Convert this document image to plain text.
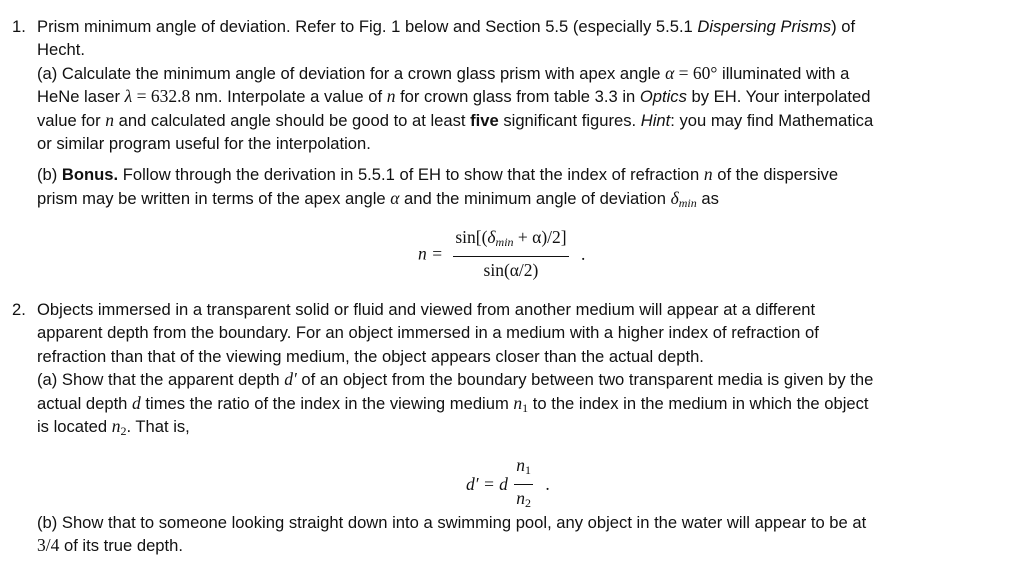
1. Prism minimum angle of deviation. Refer to Fig. 1 below and Section 5.5 (especially 5.5.1 Dispersing Prisms) of
Hecht.
(a) Calculate the minimum angle of deviation for a crown glass prism with apex angle α = 60° illuminated with a
HeNe laser λ = 632.8 nm. Interpolate a value of n for crown glass from table 3.3 in Optics by EH. Your interpolated
value for n and calculated angle should be good to at least five significant figures. Hint: you may find Mathematica
or similar program useful for the interpolation.
(b) Bonus. Follow through the derivation in 5.5.1 of EH to show that the index of refraction n of the dispersive
prism may be written in terms of the apex angle α and the minimum angle of deviation $\delta_{min}$ as
$n = \frac{\sin[(\delta_{min} + \alpha)/2]}{\sin(\alpha/2)}$ .
2. Objects immersed in a transparent solid or fluid and viewed from another medium will appear at a different
apparent depth from the boundary. For an object immersed in a medium with a higher index of refraction of
refraction than that of the viewing medium, the object appears closer than the actual depth.
(a) Show that the apparent depth d′ of an object from the boundary between two transparent media is given by the
actual depth d times the ratio of the index in the viewing medium $n_1$ to the index in the medium in which the object
is located $n_2$. That is,
d′ = d $\frac{n_1}{n_2}$ .
(b) Show that to someone looking straight down into a swimming pool, any object in the water will appear to be at
3/4 of its true depth.
